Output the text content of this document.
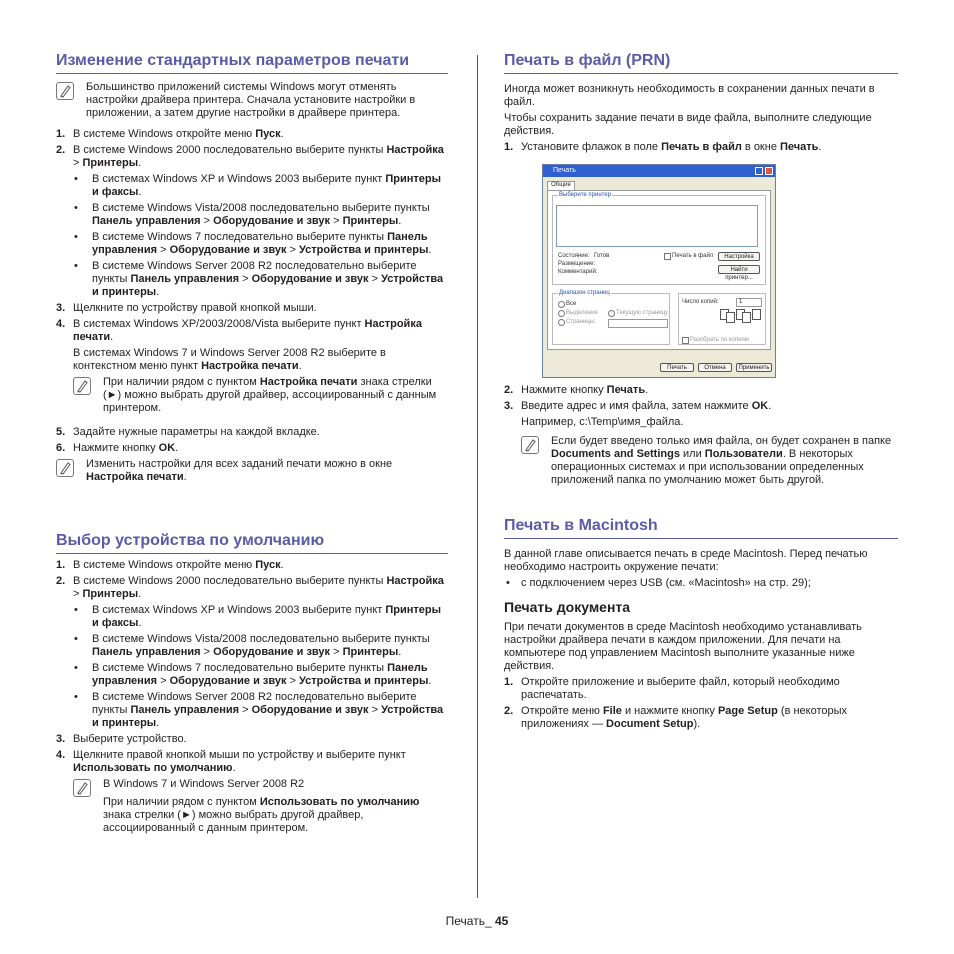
Изменение стандартных параметров печати

Большинство приложений системы Windows могут отменять настройки драйвера принтера. Сначала установите настройки в приложении, а затем другие настройки в драйвере принтера.

1. В системе Windows откройте меню Пуск.
2. В системе Windows 2000 последовательно выберите пункты Настройка > Принтеры.
• В системах Windows XP и Windows 2003 выберите пункт Принтеры и факсы.
• В системе Windows Vista/2008 последовательно выберите пункты Панель управления > Оборудование и звук > Принтеры.
• В системе Windows 7 последовательно выберите пункты Панель управления > Оборудование и звук > Устройства и принтеры.
• В системе Windows Server 2008 R2 последовательно выберите пункты Панель управления > Оборудование и звук > Устройства и принтеры.
3. Щелкните по устройству правой кнопкой мыши.
4. В системах Windows XP/2003/2008/Vista выберите пункт Настройка печати.
В системах Windows 7 и Windows Server 2008 R2 выберите в контекстном меню пункт Настройка печати.
При наличии рядом с пунктом Настройка печати знака стрелки (►) можно выбрать другой драйвер, ассоциированный с данным принтером.
5. Задайте нужные параметры на каждой вкладке.
6. Нажмите кнопку OK.
Изменить настройки для всех заданий печати можно в окне Настройка печати.
Выбор устройства по умолчанию
1. В системе Windows откройте меню Пуск.
2. В системе Windows 2000 последовательно выберите пункты Настройка > Принтеры.
• В системах Windows XP и Windows 2003 выберите пункт Принтеры и факсы.
• В системе Windows Vista/2008 последовательно выберите пункты Панель управления > Оборудование и звук > Принтеры.
• В системе Windows 7 последовательно выберите пункты Панель управления > Оборудование и звук > Устройства и принтеры.
• В системе Windows Server 2008 R2 последовательно выберите пункты Панель управления > Оборудование и звук > Устройства и принтеры.
3. Выберите устройство.
4. Щелкните правой кнопкой мыши по устройству и выберите пункт Использовать по умолчанию.
В Windows 7 и Windows Server 2008 R2
При наличии рядом с пунктом Использовать по умолчанию знака стрелки (►) можно выбрать другой драйвер, ассоциированный с данным принтером.
Печать в файл (PRN)

Иногда может возникнуть необходимость в сохранении данных печати в файл.

Чтобы сохранить задание печати в виде файла, выполните следующие действия.

1. Установите флажок в поле Печать в файл в окне Печать.
2. Нажмите кнопку Печать.
3. Введите адрес и имя файла, затем нажмите OK.
Например, c:\Temp\имя_файла.
Если будет введено только имя файла, он будет сохранен в папке Documents and Settings или Пользователи. В некоторых операционных системах и при использовании определенных приложений папка по умолчанию может быть другой.
Печать в Macintosh

В данной главе описывается печать в среде Macintosh. Перед печатью необходимо настроить окружение печати:

• с подключением через USB (см. «Macintosh» на стр. 29);
Печать документа

При печати документов в среде Macintosh необходимо устанавливать настройки драйвера печати в каждом приложении. Для печати на компьютере под управлением Macintosh выполните указанные ниже действия.

1. Откройте приложение и выберите файл, который необходимо распечатать.
2. Откройте меню File и нажмите кнопку Page Setup (в некоторых приложениях — Document Setup).
Печать
Общие
Выберите принтер
Состояние: Готов
Размещение:
Комментарий:
Печать в файл	Настройка
Найти принтер...
Диапазон страниц
Все
Выделение	Текущую страницу
Страницы:
Число копий:	1
Разобрать по копиям
Печать	Отмена	Применить
Печать_ 45
